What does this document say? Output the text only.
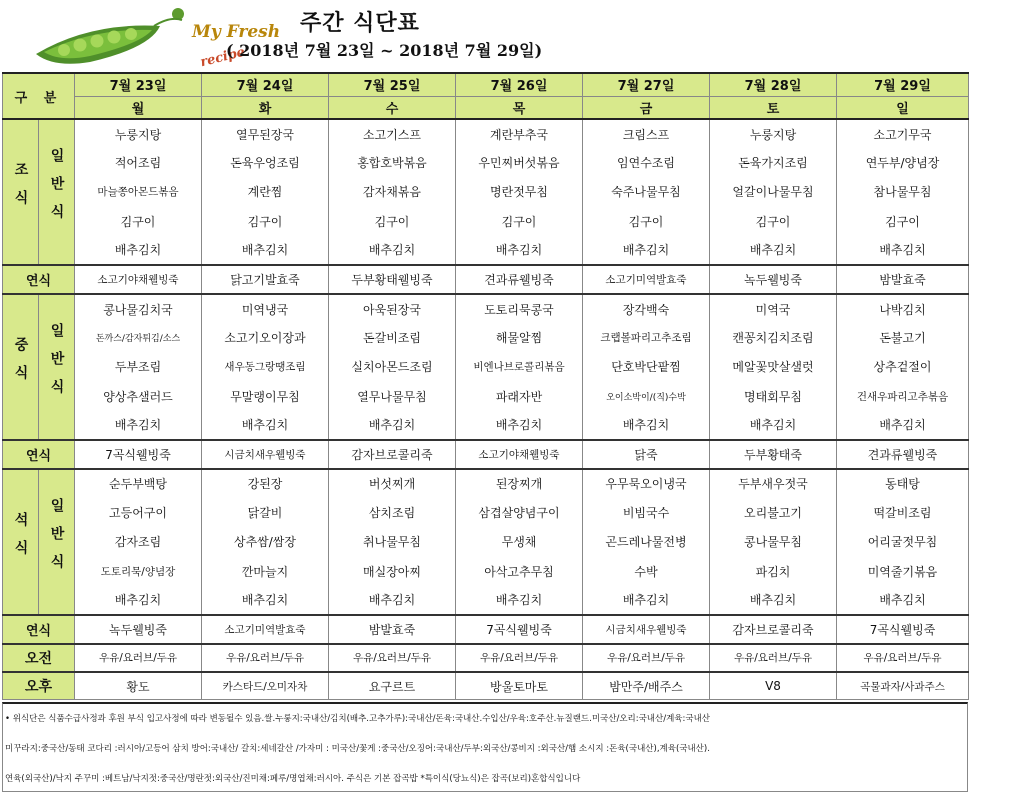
My Fresh
recipe
주간 식단표
( 2018년 7월 23일 ~ 2018년 7월 29일)
구 분		7월 23일	7월 24일	7월 25일	7월 26일	7월 27일	7월 28일	7월 29일
		월	화	수	목	금	토	일
조식	일반식	누룽지탕	열무된장국	소고기스프	계란부추국	크림스프	누룽지탕	소고기무국
		적어조림	돈육우엉조림	홍합호박볶음	우민찌버섯볶음	임연수조림	돈육가지조림	연두부/양념장
		마늘쫑아몬드볶음	계란찜	감자채볶음	명란젓무침	숙주나물무침	얼갈이나물무침	참나물무침
		김구이	김구이	김구이	김구이	김구이	김구이	김구이
		배추김치	배추김치	배추김치	배추김치	배추김치	배추김치	배추김치
연식		소고기야채웰빙죽	닭고기발효죽	두부황태웰빙죽	견과류웰빙죽	소고기미역발효죽	녹두웰빙죽	밤발효죽
중식	일반식	콩나물김치국	미역냉국	아욱된장국	도토리묵콩국	장각백숙	미역국	나박김치
		돈까스/감자튀김/소스	소고기오이장과	돈갈비조림	해물알찜	크랩볼파리고추조림	캔꽁치김치조림	돈불고기
		두부조림	새우동그랑땡조림	실치아몬드조림	비엔나브로콜리볶음	단호박단팥찜	메알꽃맛살샐럿	상추겉절이
		양상추샐러드	무말랭이무침	열무나물무침	파래자반	오이소박이/(직)수박	명태회무침	건새우파리고추볶음
		배추김치	배추김치	배추김치	배추김치	배추김치	배추김치	배추김치
연식		7곡식웰빙죽	시금치새우웰빙죽	감자브로콜리죽	소고기야채웰빙죽	닭죽	두부황태죽	견과류웰빙죽
석식	일반식	순두부백탕	강된장	버섯찌개	된장찌개	우무묵오이냉국	두부새우젓국	동태탕
		고등어구이	닭갈비	삼치조림	삼겹살양념구이	비빔국수	오리불고기	떡갈비조림
		감자조림	상추쌈/쌈장	취나물무침	무생채	곤드레나물전병	콩나물무침	어리굴젓무침
		도토리묵/양념장	깐마늘지	매실장아찌	아삭고추무침	수박	파김치	미역줄기볶음
		배추김치	배추김치	배추김치	배추김치	배추김치	배추김치	배추김치
연식		녹두웰빙죽	소고기미역발효죽	밤발효죽	7곡식웰빙죽	시금치새우웰빙죽	감자브로콜리죽	7곡식웰빙죽
오전		우유/요러브/두유	우유/요러브/두유	우유/요러브/두유	우유/요러브/두유	우유/요러브/두유	우유/요러브/두유	우유/요러브/두유
오후		황도	카스타드/오미자차	요구르트	방울토마토	밤만주/배주스	V8	곡물과자/사과주스
• 위식단은 식품수급사정과 후원 부식 입고사정에 따라 변동될수 있음.쌀.누룽지:국내산/김치(배추.고추가루):국내산/돈육:국내산.수입산/우육:호주산.뉴질랜드.미국산/오리:국내산/계육:국내산
미꾸라지:중국산/동태 코다리 :러시아/고등어 삼치 방어:국내산/ 갈치:세네갈산 /가자미 : 미국산/꽃게 :중국산/오징어:국내산/두부:외국산/콩비지 :외국산/햄 소시지 :돈육(국내산),계육(국내산).
연육(외국산)/낙지 주꾸미 :베트남/낙지젓:중국산/명란젓:외국산/진미채:페루/명엽채:러시아. 주식은 기본 잡곡밥 *특이식(당뇨식)은 잡곡(보리)혼합식입니다
